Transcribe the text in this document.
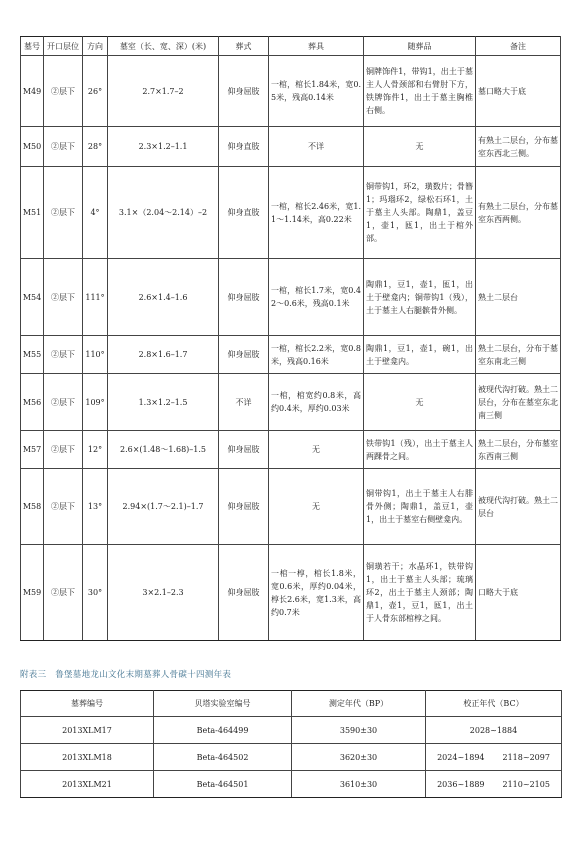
墓号	开口层位	方向	墓室（长、宽、深）(米)	葬式	葬具	随葬品	备注
M49	②层下	26°	2.7×1.7–2	仰身屈肢	一棺，棺长1.84米，宽0.5米，残高0.14米	铜牌饰件1，带钩1，出土于墓主人人骨颈部和右臂肘下方，铁牌饰件1，出土于墓主胸椎右侧。	墓口略大于底
M50	②层下	28°	2.3×1.2–1.1	仰身直肢	不详	无	有熟土二层台，分布墓室东西北三侧。
M51	②层下	4°	3.1×（2.04～2.14）–2	仰身直肢	一棺，棺长2.46米，宽1.1～1.14米，高0.22米	铜带钩1，环2，璜数片；骨簪1；玛瑙环2，绿松石环1，土于墓主人头部。陶鼎1，盖豆1，壶1，匜1，出土于棺外部。	有熟土二层台，分布墓室东西两侧。
M54	②层下	111°	2.6×1.4–1.6	仰身屈肢	一棺，棺长1.7米，宽0.42～0.6米，残高0.1米	陶鼎1，豆1，壶1，匜1，出土于壁龛内；铜带钩1（残），土于墓主人右腿髌骨外侧。	熟土二层台
M55	②层下	110°	2.8×1.6–1.7	仰身屈肢	一棺，棺长2.2米，宽0.8米，残高0.16米	陶鼎1，豆1，壶1，碗1，出土于壁龛内。	熟土二层台，分布于墓室东南北三侧
M56	②层下	109°	1.3×1.2–1.5	不详	一棺，棺宽约0.8米，高约0.4米，厚约0.03米	无	被现代沟打破。熟土二层台，分布在墓室东北南三侧
M57	②层下	12°	2.6×(1.48～1.68)–1.5	仰身屈肢	无	铁带钩1（残），出土于墓主人两踝骨之间。	熟土二层台，分布墓室东西南三侧
M58	②层下	13°	2.94×(1.7～2.1)–1.7	仰身屈肢	无	铜带钩1，出土于墓主人右腓骨外侧；陶鼎1，盖豆1，壶1，出土于墓室右侧壁龛内。	被现代沟打破。熟土二层台
M59	②层下	30°	3×2.1–2.3	仰身屈肢	一棺一椁，棺长1.8米，宽0.6米，厚约0.04米，椁长2.6米，宽1.3米，高约0.7米	铜璜若干；水晶环1，铁带钩1，出土于墓主人头部；琉璃环2，出土于墓主人颈部；陶鼎1，壶1，豆1，匜1，出土于人骨东部棺椁之间。	口略大于底
附表三　鲁堡墓地龙山文化末期墓葬人骨碳十四测年表
墓葬编号	贝塔实验室编号	测定年代（BP）	校正年代（BC）
2013XLM17	Beta-464499	3590±30	2028~1884

2013XLM18	Beta-464502	3620±30	2024~1894 2118~2097

2013XLM21	Beta-464501	3610±30	2036~1889 2110~2105
